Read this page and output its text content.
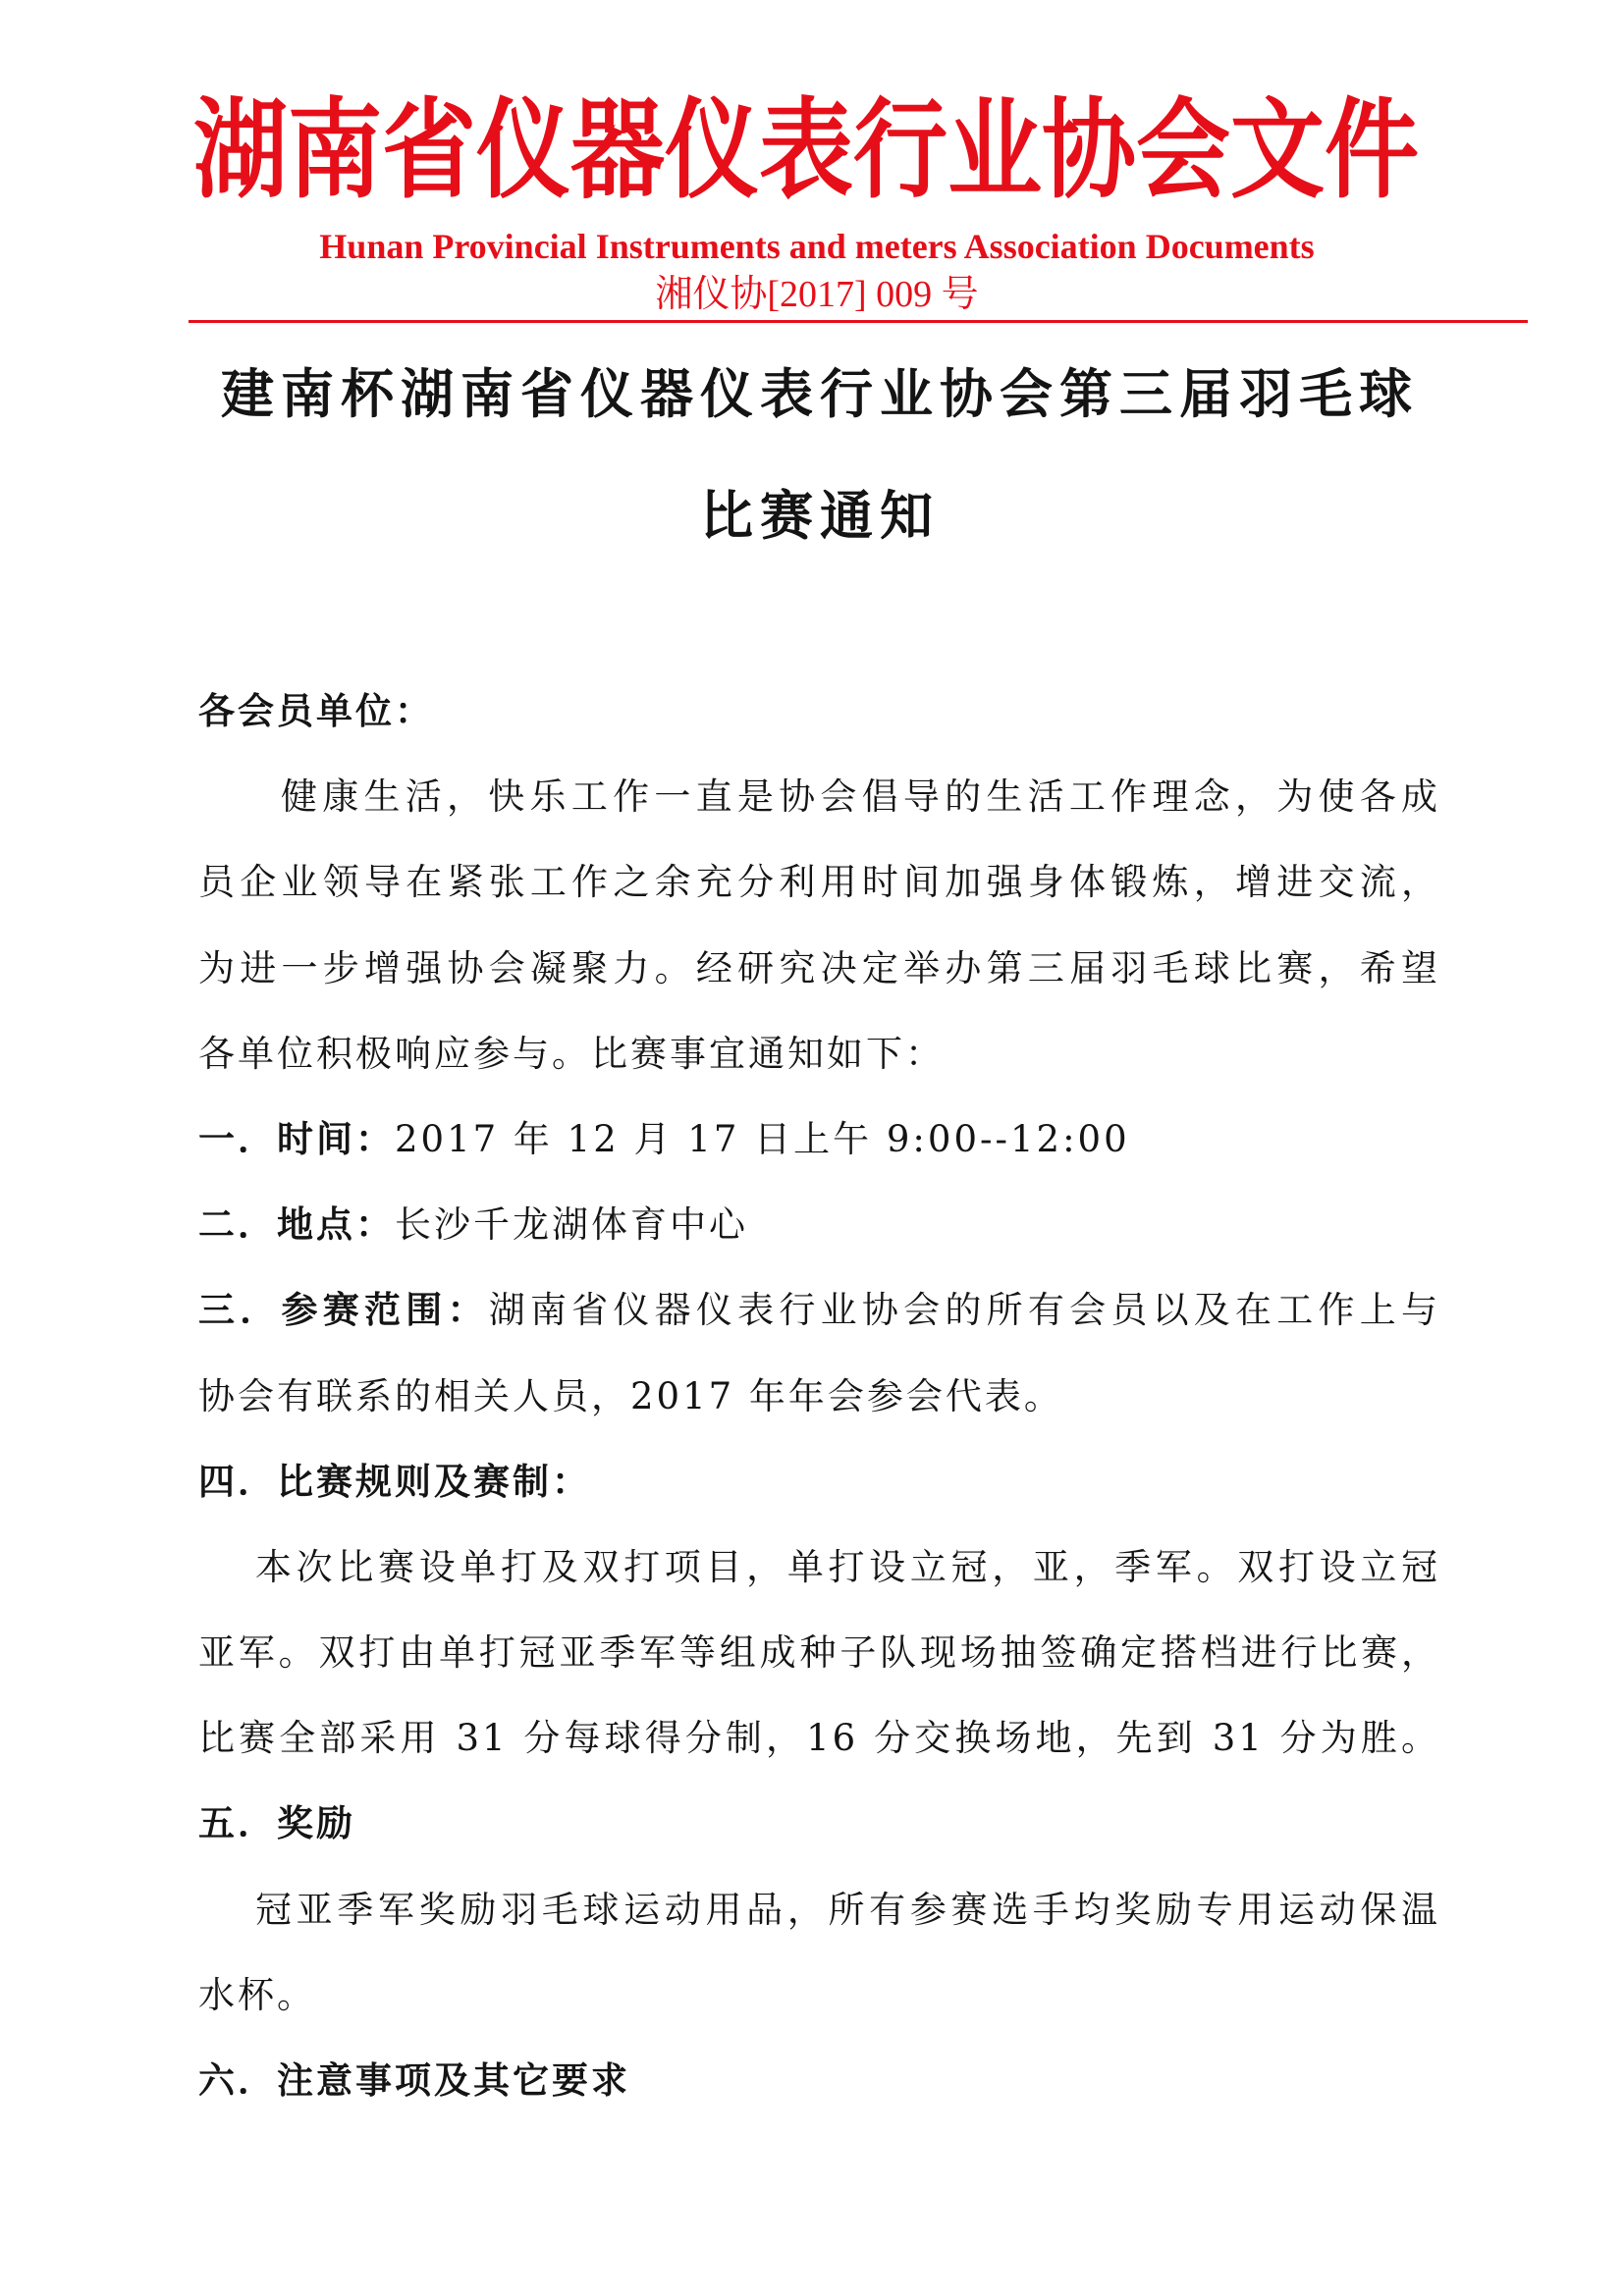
湖南省仪器仪表行业协会文件
Hunan Provincial Instruments and meters Association Documents
湘仪协[2017] 009 号
建南杯湖南省仪器仪表行业协会第三届羽毛球
比赛通知
各会员单位：
健康生活，快乐工作一直是协会倡导的生活工作理念，为使各成
员企业领导在紧张工作之余充分利用时间加强身体锻炼，增进交流，
为进一步增强协会凝聚力。经研究决定举办第三届羽毛球比赛，希望
各单位积极响应参与。比赛事宜通知如下：
一．时间：2017 年 12 月 17 日上午 9:00--12:00
二．地点：长沙千龙湖体育中心
三．参赛范围：湖南省仪器仪表行业协会的所有会员以及在工作上与
协会有联系的相关人员，2017 年年会参会代表。
四．比赛规则及赛制：
本次比赛设单打及双打项目，单打设立冠，亚，季军。双打设立冠
亚军。双打由单打冠亚季军等组成种子队现场抽签确定搭档进行比赛，
比赛全部采用 31 分每球得分制，16 分交换场地，先到 31 分为胜。
五．奖励
冠亚季军奖励羽毛球运动用品，所有参赛选手均奖励专用运动保温
水杯。
六．注意事项及其它要求
